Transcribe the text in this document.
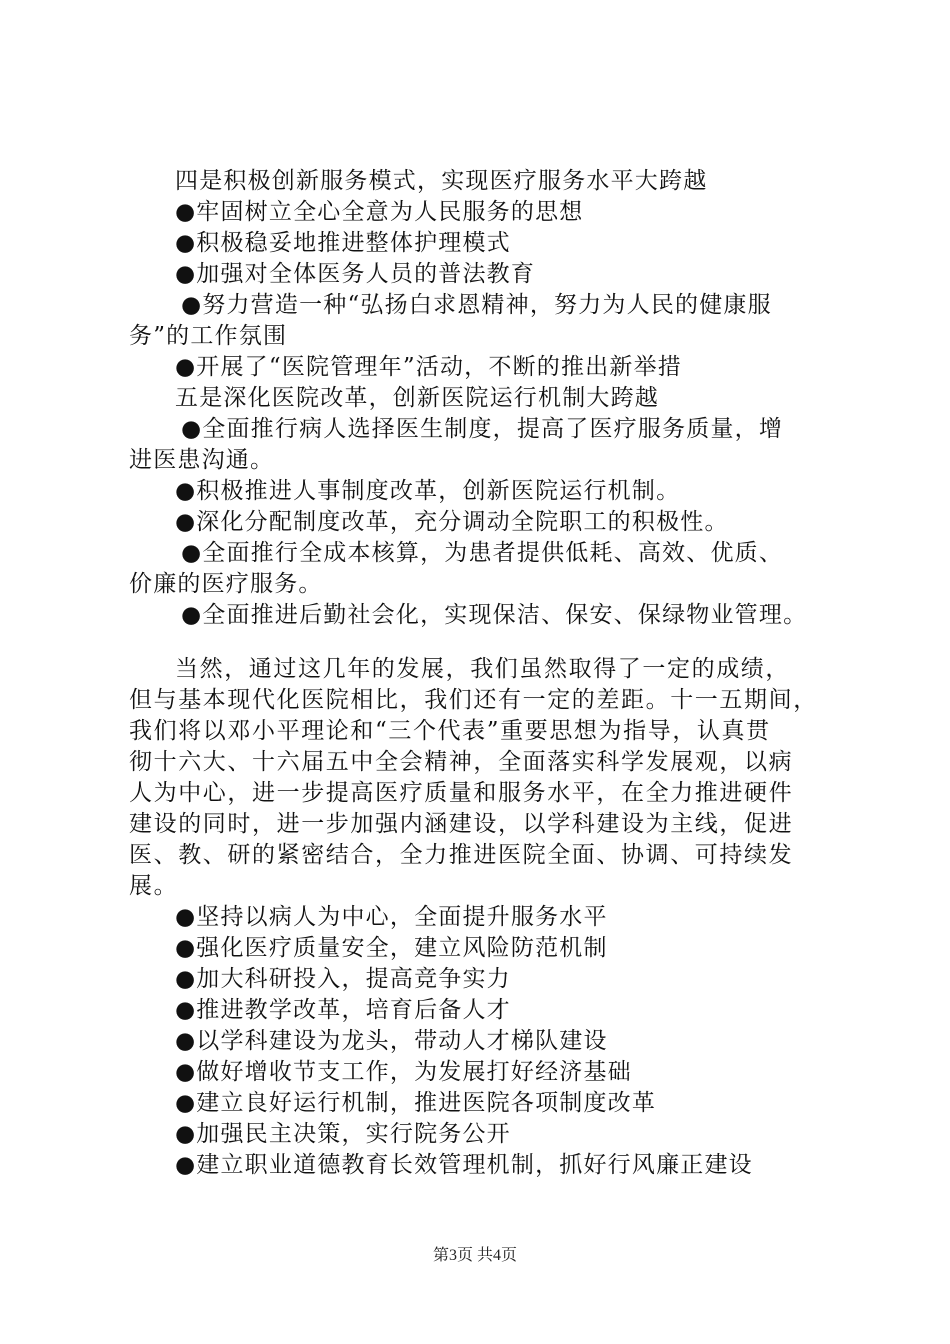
四是积极创新服务模式，实现医疗服务水平大跨越
●牢固树立全心全意为人民服务的思想
●积极稳妥地推进整体护理模式
●加强对全体医务人员的普法教育
●努力营造一种“弘扬白求恩精神，努力为人民的健康服
务”的工作氛围
●开展了“医院管理年”活动，不断的推出新举措
五是深化医院改革，创新医院运行机制大跨越
●全面推行病人选择医生制度，提高了医疗服务质量，增
进医患沟通。
●积极推进人事制度改革，创新医院运行机制。
●深化分配制度改革，充分调动全院职工的积极性。
●全面推行全成本核算，为患者提供低耗、高效、优质、
价廉的医疗服务。
●全面推进后勤社会化，实现保洁、保安、保绿物业管理。
当然，通过这几年的发展，我们虽然取得了一定的成绩，
但与基本现代化医院相比，我们还有一定的差距。十一五期间，
我们将以邓小平理论和“三个代表”重要思想为指导，认真贯
彻十六大、十六届五中全会精神，全面落实科学发展观，以病
人为中心，进一步提高医疗质量和服务水平，在全力推进硬件
建设的同时，进一步加强内涵建设，以学科建设为主线，促进
医、教、研的紧密结合，全力推进医院全面、协调、可持续发
展。
●坚持以病人为中心，全面提升服务水平
●强化医疗质量安全，建立风险防范机制
●加大科研投入，提高竞争实力
●推进教学改革，培育后备人才
●以学科建设为龙头，带动人才梯队建设
●做好增收节支工作，为发展打好经济基础
●建立良好运行机制，推进医院各项制度改革
●加强民主决策，实行院务公开
●建立职业道德教育长效管理机制，抓好行风廉正建设
第3页 共4页
